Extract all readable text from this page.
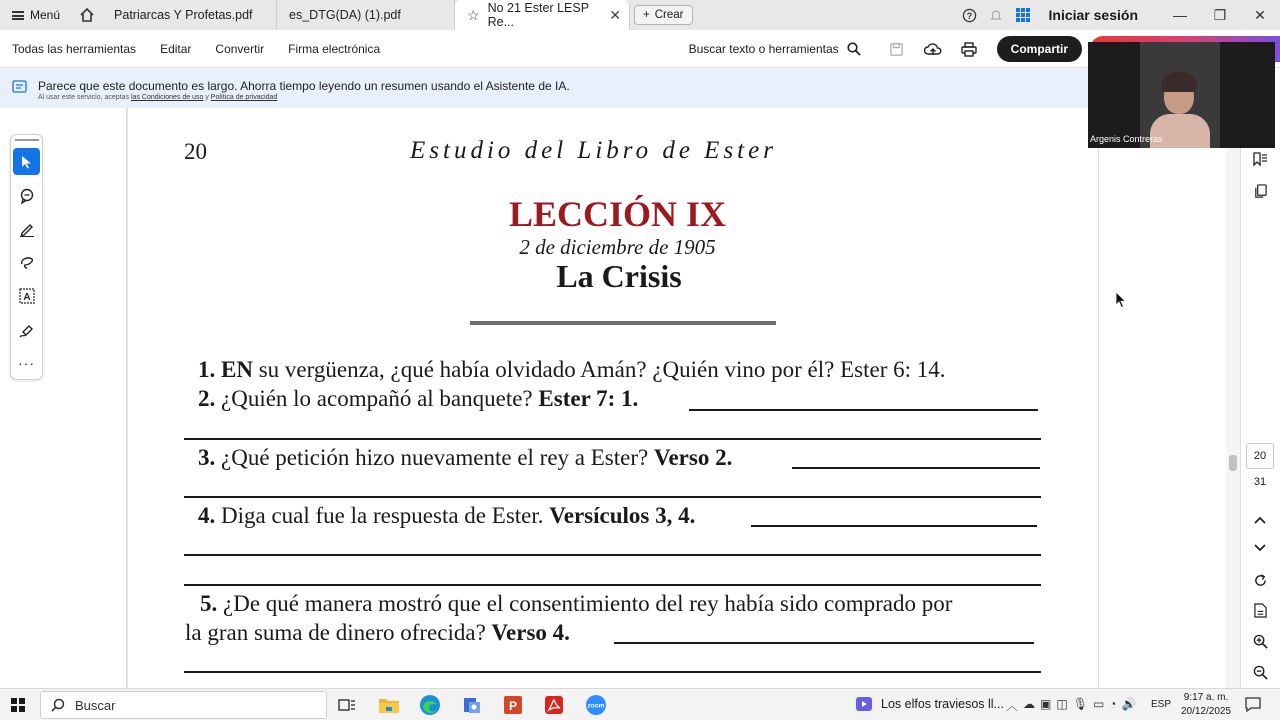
Menú	Patriarcas Y Profetas.pdf	es_DTG(DA) (1).pdf	☆ No 21 Ester LESP Re...	✕ + Crear	?	Iniciar sesión	—	❐	✕
Todas las herramientas	Editar	Convertir	Firma electrónica	Buscar texto o herramientas	Compartir
Parece que este documento es largo. Ahorra tiempo leyendo un resumen usando el Asistente de IA.
Al usar este servicio, aceptas las Condiciones de uso y Política de privacidad
A
···
20	Estudio del Libro de Ester
LECCIÓN IX
2 de diciembre de 1905
La Crisis
1. EN su vergüenza, ¿qué había olvidado Amán? ¿Quién vino por él? Ester 6: 14.
2. ¿Quién lo acompañó al banquete? Ester 7: 1.
3. ¿Qué petición hizo nuevamente el rey a Ester? Verso 2.
4. Diga cual fue la respuesta de Ester. Versículos 3, 4.
5. ¿De qué manera mostró que el consentimiento del rey había sido comprado por
la gran suma de dinero ofrecida? Verso 4.
20
31
Argenis Contreras
Buscar	P	zoom	Los elfos traviesos ll... ︿ ☁ ▣ ◫ 🎙 ▭ ◔ 🔊 ESP
9:17 a. m.
20/12/2025
